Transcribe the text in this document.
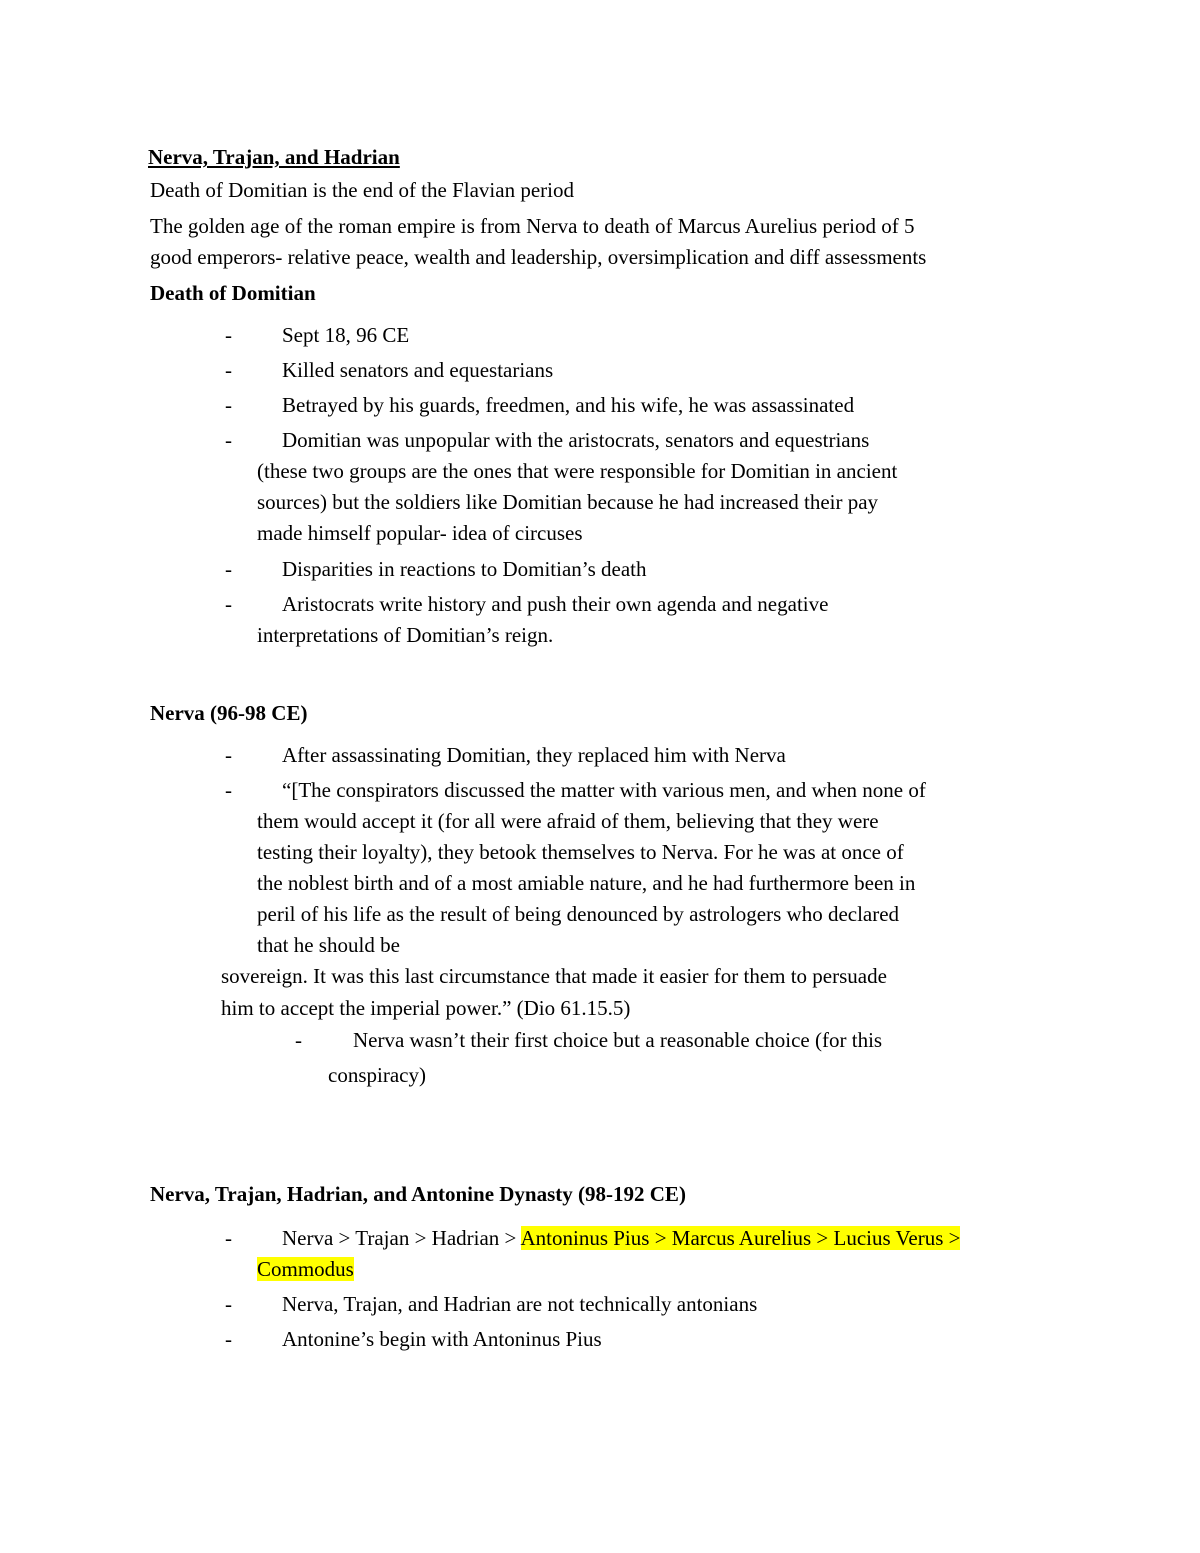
Nerva, Trajan, and Hadrian
Death of Domitian is the end of the Flavian period
The golden age of the roman empire is from Nerva to death of Marcus Aurelius period of 5
good emperors- relative peace, wealth and leadership, oversimplication and diff assessments
Death of Domitian
- Sept 18, 96 CE
- Killed senators and equestarians
- Betrayed by his guards, freedmen, and his wife, he was assassinated
- Domitian was unpopular with the aristocrats, senators and equestrians
(these two groups are the ones that were responsible for Domitian in ancient
sources) but the soldiers like Domitian because he had increased their pay
made himself popular- idea of circuses
- Disparities in reactions to Domitian’s death
- Aristocrats write history and push their own agenda and negative
interpretations of Domitian’s reign.
Nerva (96-98 CE)
- After assassinating Domitian, they replaced him with Nerva
- “[The conspirators discussed the matter with various men, and when none of
them would accept it (for all were afraid of them, believing that they were
testing their loyalty), they betook themselves to Nerva. For he was at once of
the noblest birth and of a most amiable nature, and he had furthermore been in
peril of his life as the result of being denounced by astrologers who declared
that he should be
sovereign. It was this last circumstance that made it easier for them to persuade
him to accept the imperial power.” (Dio 61.15.5)
- Nerva wasn’t their first choice but a reasonable choice (for this
conspiracy)
Nerva, Trajan, Hadrian, and Antonine Dynasty (98-192 CE)
- Nerva > Trajan > Hadrian > Antoninus Pius > Marcus Aurelius > Lucius Verus >
Commodus
- Nerva, Trajan, and Hadrian are not technically antonians
- Antonine’s begin with Antoninus Pius
